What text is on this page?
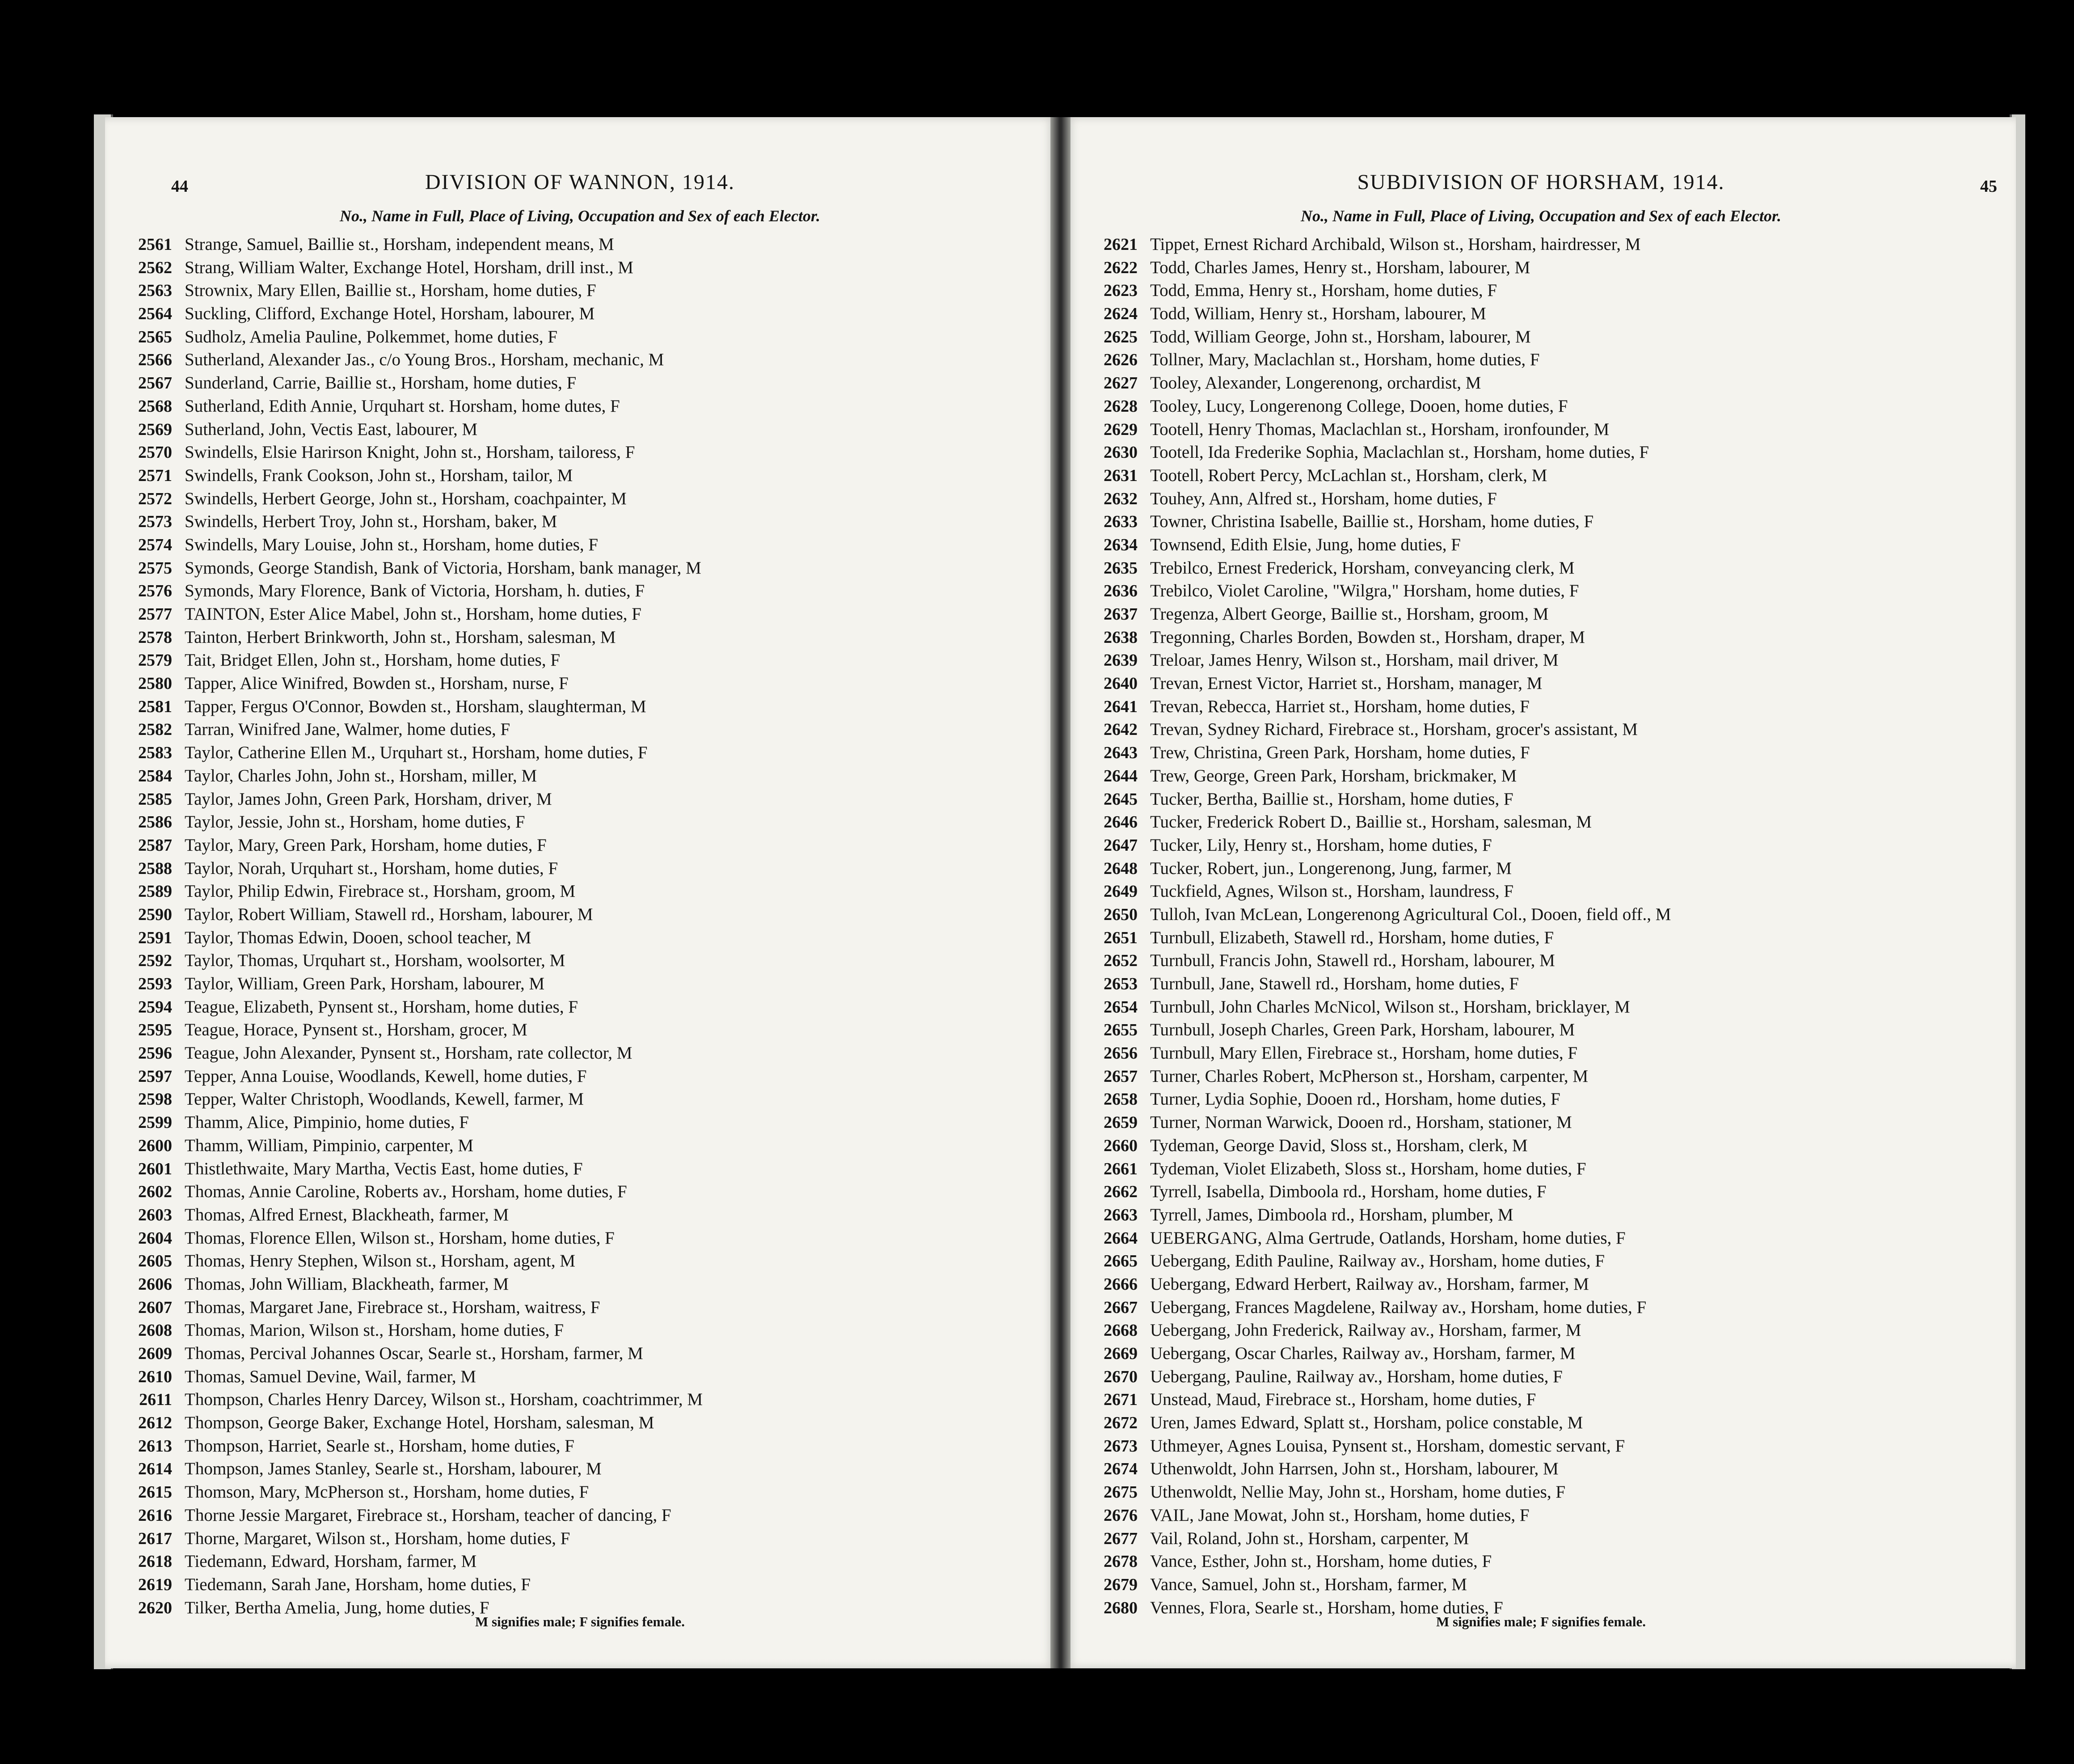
44	DIVISION OF WANNON, 1914.
No., Name in Full, Place of Living, Occupation and Sex of each Elector.
2561 Strange, Samuel, Baillie st., Horsham, independent means, M
2562 Strang, William Walter, Exchange Hotel, Horsham, drill inst., M
2563 Strownix, Mary Ellen, Baillie st., Horsham, home duties, F
2564 Suckling, Clifford, Exchange Hotel, Horsham, labourer, M
2565 Sudholz, Amelia Pauline, Polkemmet, home duties, F
2566 Sutherland, Alexander Jas., c/o Young Bros., Horsham, mechanic, M
2567 Sunderland, Carrie, Baillie st., Horsham, home duties, F
2568 Sutherland, Edith Annie, Urquhart st. Horsham, home dutes, F
2569 Sutherland, John, Vectis East, labourer, M
2570 Swindells, Elsie Harirson Knight, John st., Horsham, tailoress, F
2571 Swindells, Frank Cookson, John st., Horsham, tailor, M
2572 Swindells, Herbert George, John st., Horsham, coachpainter, M
2573 Swindells, Herbert Troy, John st., Horsham, baker, M
2574 Swindells, Mary Louise, John st., Horsham, home duties, F
2575 Symonds, George Standish, Bank of Victoria, Horsham, bank manager, M
2576 Symonds, Mary Florence, Bank of Victoria, Horsham, h. duties, F
2577 TAINTON, Ester Alice Mabel, John st., Horsham, home duties, F
2578 Tainton, Herbert Brinkworth, John st., Horsham, salesman, M
2579 Tait, Bridget Ellen, John st., Horsham, home duties, F
2580 Tapper, Alice Winifred, Bowden st., Horsham, nurse, F
2581 Tapper, Fergus O'Connor, Bowden st., Horsham, slaughterman, M
2582 Tarran, Winifred Jane, Walmer, home duties, F
2583 Taylor, Catherine Ellen M., Urquhart st., Horsham, home duties, F
2584 Taylor, Charles John, John st., Horsham, miller, M
2585 Taylor, James John, Green Park, Horsham, driver, M
2586 Taylor, Jessie, John st., Horsham, home duties, F
2587 Taylor, Mary, Green Park, Horsham, home duties, F
2588 Taylor, Norah, Urquhart st., Horsham, home duties, F
2589 Taylor, Philip Edwin, Firebrace st., Horsham, groom, M
2590 Taylor, Robert William, Stawell rd., Horsham, labourer, M
2591 Taylor, Thomas Edwin, Dooen, school teacher, M
2592 Taylor, Thomas, Urquhart st., Horsham, woolsorter, M
2593 Taylor, William, Green Park, Horsham, labourer, M
2594 Teague, Elizabeth, Pynsent st., Horsham, home duties, F
2595 Teague, Horace, Pynsent st., Horsham, grocer, M
2596 Teague, John Alexander, Pynsent st., Horsham, rate collector, M
2597 Tepper, Anna Louise, Woodlands, Kewell, home duties, F
2598 Tepper, Walter Christoph, Woodlands, Kewell, farmer, M
2599 Thamm, Alice, Pimpinio, home duties, F
2600 Thamm, William, Pimpinio, carpenter, M
2601 Thistlethwaite, Mary Martha, Vectis East, home duties, F
2602 Thomas, Annie Caroline, Roberts av., Horsham, home duties, F
2603 Thomas, Alfred Ernest, Blackheath, farmer, M
2604 Thomas, Florence Ellen, Wilson st., Horsham, home duties, F
2605 Thomas, Henry Stephen, Wilson st., Horsham, agent, M
2606 Thomas, John William, Blackheath, farmer, M
2607 Thomas, Margaret Jane, Firebrace st., Horsham, waitress, F
2608 Thomas, Marion, Wilson st., Horsham, home duties, F
2609 Thomas, Percival Johannes Oscar, Searle st., Horsham, farmer, M
2610 Thomas, Samuel Devine, Wail, farmer, M
2611 Thompson, Charles Henry Darcey, Wilson st., Horsham, coachtrimmer, M
2612 Thompson, George Baker, Exchange Hotel, Horsham, salesman, M
2613 Thompson, Harriet, Searle st., Horsham, home duties, F
2614 Thompson, James Stanley, Searle st., Horsham, labourer, M
2615 Thomson, Mary, McPherson st., Horsham, home duties, F
2616 Thorne Jessie Margaret, Firebrace st., Horsham, teacher of dancing, F
2617 Thorne, Margaret, Wilson st., Horsham, home duties, F
2618 Tiedemann, Edward, Horsham, farmer, M
2619 Tiedemann, Sarah Jane, Horsham, home duties, F
2620 Tilker, Bertha Amelia, Jung, home duties, F
M signifies male; F signifies female.
45
SUBDIVISION OF HORSHAM, 1914.
No., Name in Full, Place of Living, Occupation and Sex of each Elector.
2621 Tippet, Ernest Richard Archibald, Wilson st., Horsham, hairdresser, M
2622 Todd, Charles James, Henry st., Horsham, labourer, M
2623 Todd, Emma, Henry st., Horsham, home duties, F
2624 Todd, William, Henry st., Horsham, labourer, M
2625 Todd, William George, John st., Horsham, labourer, M
2626 Tollner, Mary, Maclachlan st., Horsham, home duties, F
2627 Tooley, Alexander, Longerenong, orchardist, M
2628 Tooley, Lucy, Longerenong College, Dooen, home duties, F
2629 Tootell, Henry Thomas, Maclachlan st., Horsham, ironfounder, M
2630 Tootell, Ida Frederike Sophia, Maclachlan st., Horsham, home duties, F
2631 Tootell, Robert Percy, McLachlan st., Horsham, clerk, M
2632 Touhey, Ann, Alfred st., Horsham, home duties, F
2633 Towner, Christina Isabelle, Baillie st., Horsham, home duties, F
2634 Townsend, Edith Elsie, Jung, home duties, F
2635 Trebilco, Ernest Frederick, Horsham, conveyancing clerk, M
2636 Trebilco, Violet Caroline, "Wilgra," Horsham, home duties, F
2637 Tregenza, Albert George, Baillie st., Horsham, groom, M
2638 Tregonning, Charles Borden, Bowden st., Horsham, draper, M
2639 Treloar, James Henry, Wilson st., Horsham, mail driver, M
2640 Trevan, Ernest Victor, Harriet st., Horsham, manager, M
2641 Trevan, Rebecca, Harriet st., Horsham, home duties, F
2642 Trevan, Sydney Richard, Firebrace st., Horsham, grocer's assistant, M
2643 Trew, Christina, Green Park, Horsham, home duties, F
2644 Trew, George, Green Park, Horsham, brickmaker, M
2645 Tucker, Bertha, Baillie st., Horsham, home duties, F
2646 Tucker, Frederick Robert D., Baillie st., Horsham, salesman, M
2647 Tucker, Lily, Henry st., Horsham, home duties, F
2648 Tucker, Robert, jun., Longerenong, Jung, farmer, M
2649 Tuckfield, Agnes, Wilson st., Horsham, laundress, F
2650 Tulloh, Ivan McLean, Longerenong Agricultural Col., Dooen, field off., M
2651 Turnbull, Elizabeth, Stawell rd., Horsham, home duties, F
2652 Turnbull, Francis John, Stawell rd., Horsham, labourer, M
2653 Turnbull, Jane, Stawell rd., Horsham, home duties, F
2654 Turnbull, John Charles McNicol, Wilson st., Horsham, bricklayer, M
2655 Turnbull, Joseph Charles, Green Park, Horsham, labourer, M
2656 Turnbull, Mary Ellen, Firebrace st., Horsham, home duties, F
2657 Turner, Charles Robert, McPherson st., Horsham, carpenter, M
2658 Turner, Lydia Sophie, Dooen rd., Horsham, home duties, F
2659 Turner, Norman Warwick, Dooen rd., Horsham, stationer, M
2660 Tydeman, George David, Sloss st., Horsham, clerk, M
2661 Tydeman, Violet Elizabeth, Sloss st., Horsham, home duties, F
2662 Tyrrell, Isabella, Dimboola rd., Horsham, home duties, F
2663 Tyrrell, James, Dimboola rd., Horsham, plumber, M
2664 UEBERGANG, Alma Gertrude, Oatlands, Horsham, home duties, F
2665 Uebergang, Edith Pauline, Railway av., Horsham, home duties, F
2666 Uebergang, Edward Herbert, Railway av., Horsham, farmer, M
2667 Uebergang, Frances Magdelene, Railway av., Horsham, home duties, F
2668 Uebergang, John Frederick, Railway av., Horsham, farmer, M
2669 Uebergang, Oscar Charles, Railway av., Horsham, farmer, M
2670 Uebergang, Pauline, Railway av., Horsham, home duties, F
2671 Unstead, Maud, Firebrace st., Horsham, home duties, F
2672 Uren, James Edward, Splatt st., Horsham, police constable, M
2673 Uthmeyer, Agnes Louisa, Pynsent st., Horsham, domestic servant, F
2674 Uthenwoldt, John Harrsen, John st., Horsham, labourer, M
2675 Uthenwoldt, Nellie May, John st., Horsham, home duties, F
2676 VAIL, Jane Mowat, John st., Horsham, home duties, F
2677 Vail, Roland, John st., Horsham, carpenter, M
2678 Vance, Esther, John st., Horsham, home duties, F
2679 Vance, Samuel, John st., Horsham, farmer, M
2680 Vennes, Flora, Searle st., Horsham, home duties, F
M signifies male; F signifies female.
